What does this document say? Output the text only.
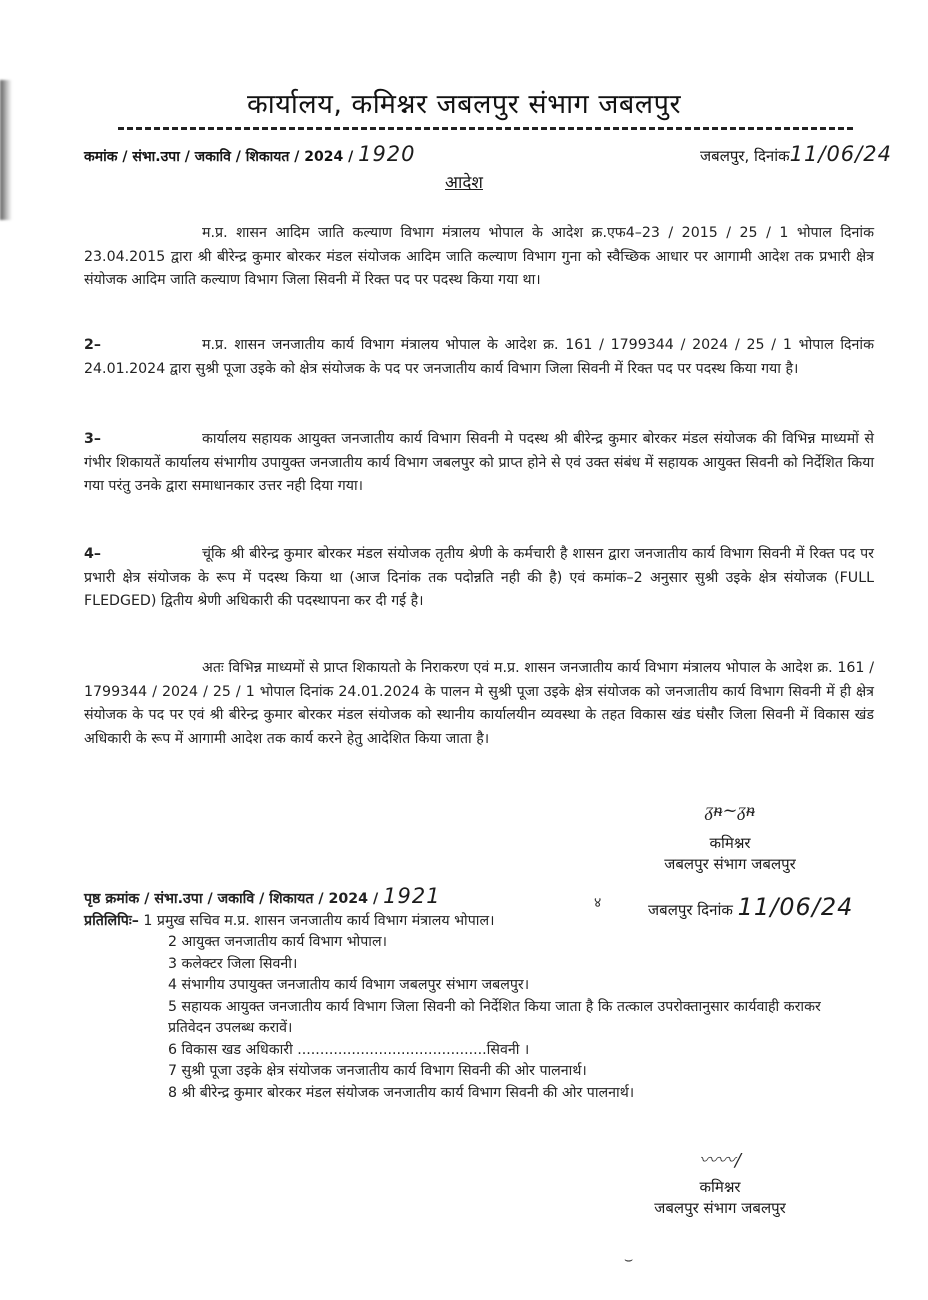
कार्यालय, कमिश्नर जबलपुर संभाग जबलपुर
कमांक / संभा.उपा / जकावि / शिकायत / 2024 / 1920	जबलपुर, दिनांक11/06/24
आदेश
म.प्र. शासन आदिम जाति कल्याण विभाग मंत्रालय भोपाल के आदेश क्र.एफ4–23 / 2015 / 25 / 1 भोपाल दिनांक 23.04.2015 द्वारा श्री बीरेन्द्र कुमार बोरकर मंडल संयोजक आदिम जाति कल्याण विभाग गुना को स्वैच्छिक आधार पर आगामी आदेश तक प्रभारी क्षेत्र संयोजक आदिम जाति कल्याण विभाग जिला सिवनी में रिक्त पद पर पदस्थ किया गया था।
2–	म.प्र. शासन जनजातीय कार्य विभाग मंत्रालय भोपाल के आदेश क्र. 161 / 1799344 / 2024 / 25 / 1 भोपाल दिनांक 24.01.2024 द्वारा सुश्री पूजा उइके को क्षेत्र संयोजक के पद पर जनजातीय कार्य विभाग जिला सिवनी में रिक्त पद पर पदस्थ किया गया है।
3–	कार्यालय सहायक आयुक्त जनजातीय कार्य विभाग सिवनी मे पदस्थ श्री बीरेन्द्र कुमार बोरकर मंडल संयोजक की विभिन्न माध्यमों से गंभीर शिकायतें कार्यालय संभागीय उपायुक्त जनजातीय कार्य विभाग जबलपुर को प्राप्त होने से एवं उक्त संबंध में सहायक आयुक्त सिवनी को निर्देशित किया गया परंतु उनके द्वारा समाधानकार उत्तर नही दिया गया।
4–	चूंकि श्री बीरेन्द्र कुमार बोरकर मंडल संयोजक तृतीय श्रेणी के कर्मचारी है शासन द्वारा जनजातीय कार्य विभाग सिवनी में रिक्त पद पर प्रभारी क्षेत्र संयोजक के रूप में पदस्थ किया था (आज दिनांक तक पदोन्नति नही की है) एवं कमांक–2 अनुसार सुश्री उइके क्षेत्र संयोजक (FULL FLEDGED) द्वितीय श्रेणी अधिकारी की पदस्थापना कर दी गई है।
अतः विभिन्न माध्यमों से प्राप्त शिकायतो के निराकरण एवं म.प्र. शासन जनजातीय कार्य विभाग मंत्रालय भोपाल के आदेश क्र. 161 / 1799344 / 2024 / 25 / 1 भोपाल दिनांक 24.01.2024 के पालन मे सुश्री पूजा उइके क्षेत्र संयोजक को जनजातीय कार्य विभाग सिवनी में ही क्षेत्र संयोजक के पद पर एवं श्री बीरेन्द्र कुमार बोरकर मंडल संयोजक को स्थानीय कार्यालयीन व्यवस्था के तहत विकास खंड घंसौर जिला सिवनी में विकास खंड अधिकारी के रूप में आगामी आदेश तक कार्य करने हेतु आदेशित किया जाता है।
ᵹᵰ~ᵹᵰ
कमिश्नर
जबलपुर संभाग जबलपुर
जबलपुर दिनांक 11/06/24
४
पृष्ठ क्रमांक / संभा.उपा / जकावि / शिकायत / 2024 / 1921
प्रतिलिपिः– 1 प्रमुख सचिव म.प्र. शासन जनजातीय कार्य विभाग मंत्रालय भोपाल।
2 आयुक्त जनजातीय कार्य विभाग भोपाल।
3 कलेक्टर जिला सिवनी।
4 संभागीय उपायुक्त जनजातीय कार्य विभाग जबलपुर संभाग जबलपुर।
5 सहायक आयुक्त जनजातीय कार्य विभाग जिला सिवनी को निर्देशित किया जाता है कि तत्काल उपरोक्तानुसार कार्यवाही कराकर प्रतिवेदन उपलब्ध करावें।
6 विकास खड अधिकारी ..........................................सिवनी ।
7 सुश्री पूजा उइके क्षेत्र संयोजक जनजातीय कार्य विभाग सिवनी की ओर पालनार्थ।
8 श्री बीरेन्द्र कुमार बोरकर मंडल संयोजक जनजातीय कार्य विभाग सिवनी की ओर पालनार्थ।
〰〰/
कमिश्नर
जबलपुर संभाग जबलपुर
⌣
